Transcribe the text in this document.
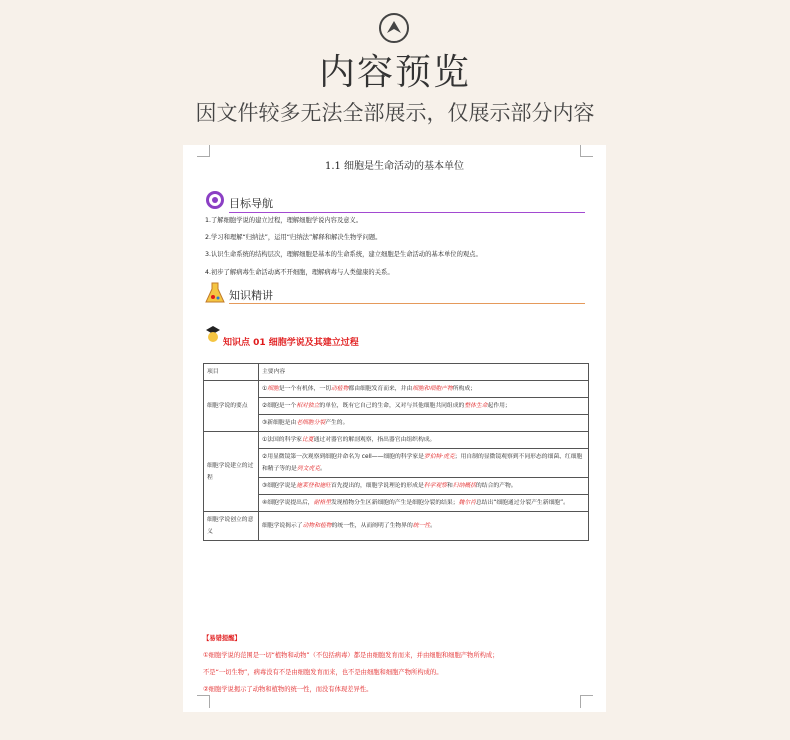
内容预览
因文件较多无法全部展示，仅展示部分内容
1.1 细胞是生命活动的基本单位
目标导航
1.了解细胞学说的建立过程，理解细胞学说内容及意义。
2.学习和理解“归纳法”，运用“归纳法”解释和解决生物学问题。
3.认识生命系统的结构层次，理解细胞是基本的生命系统，建立细胞是生命活动的基本单位的观点。
4.初步了解病毒生命活动离不开细胞，理解病毒与人类健康的关系。
知识精讲
知识点 01 细胞学说及其建立过程
项目	主要内容
细胞学说的要点	①细胞是一个有机体，一切动植物都由细胞发育而来，并由细胞和细胞产物所构成；
	②细胞是一个相对独立的单位，既有它自己的生命，又对与其他细胞共同组成的整体生命起作用；
	③新细胞是由老细胞分裂产生的。
细胞学说建立的过程	①法国的科学家比夏通过对器官的解剖观察，指出器官由组织构成。
	②用显微镜第一次观察到细胞并命名为 cell——细胞的科学家是罗伯特·虎克；用自制的显微镜观察到不同形态的细菌、红细胞和精子等的是列文虎克。
	③细胞学说是施莱登和施旺首先提出的，细胞学说理论的形成是科学观察和归纳概括的结合的产物。
	④细胞学说提出后，耐格里发现植物分生区新细胞的产生是细胞分裂的结果；魏尔肖总结出“细胞通过分裂产生新细胞”。
细胞学说创立的意义	细胞学说揭示了动物和植物的统一性，从而阐明了生物界的统一性。
【易错提醒】
①细胞学说的范围是一切“植物和动物”（不包括病毒）都是由细胞发育而来，并由细胞和细胞产物所构成；
不是“一切生物”，病毒没有不是由细胞发育而来，也不是由细胞和细胞产物所构成的。
②细胞学说揭示了动物和植物的统一性，而没有体现差异性。
